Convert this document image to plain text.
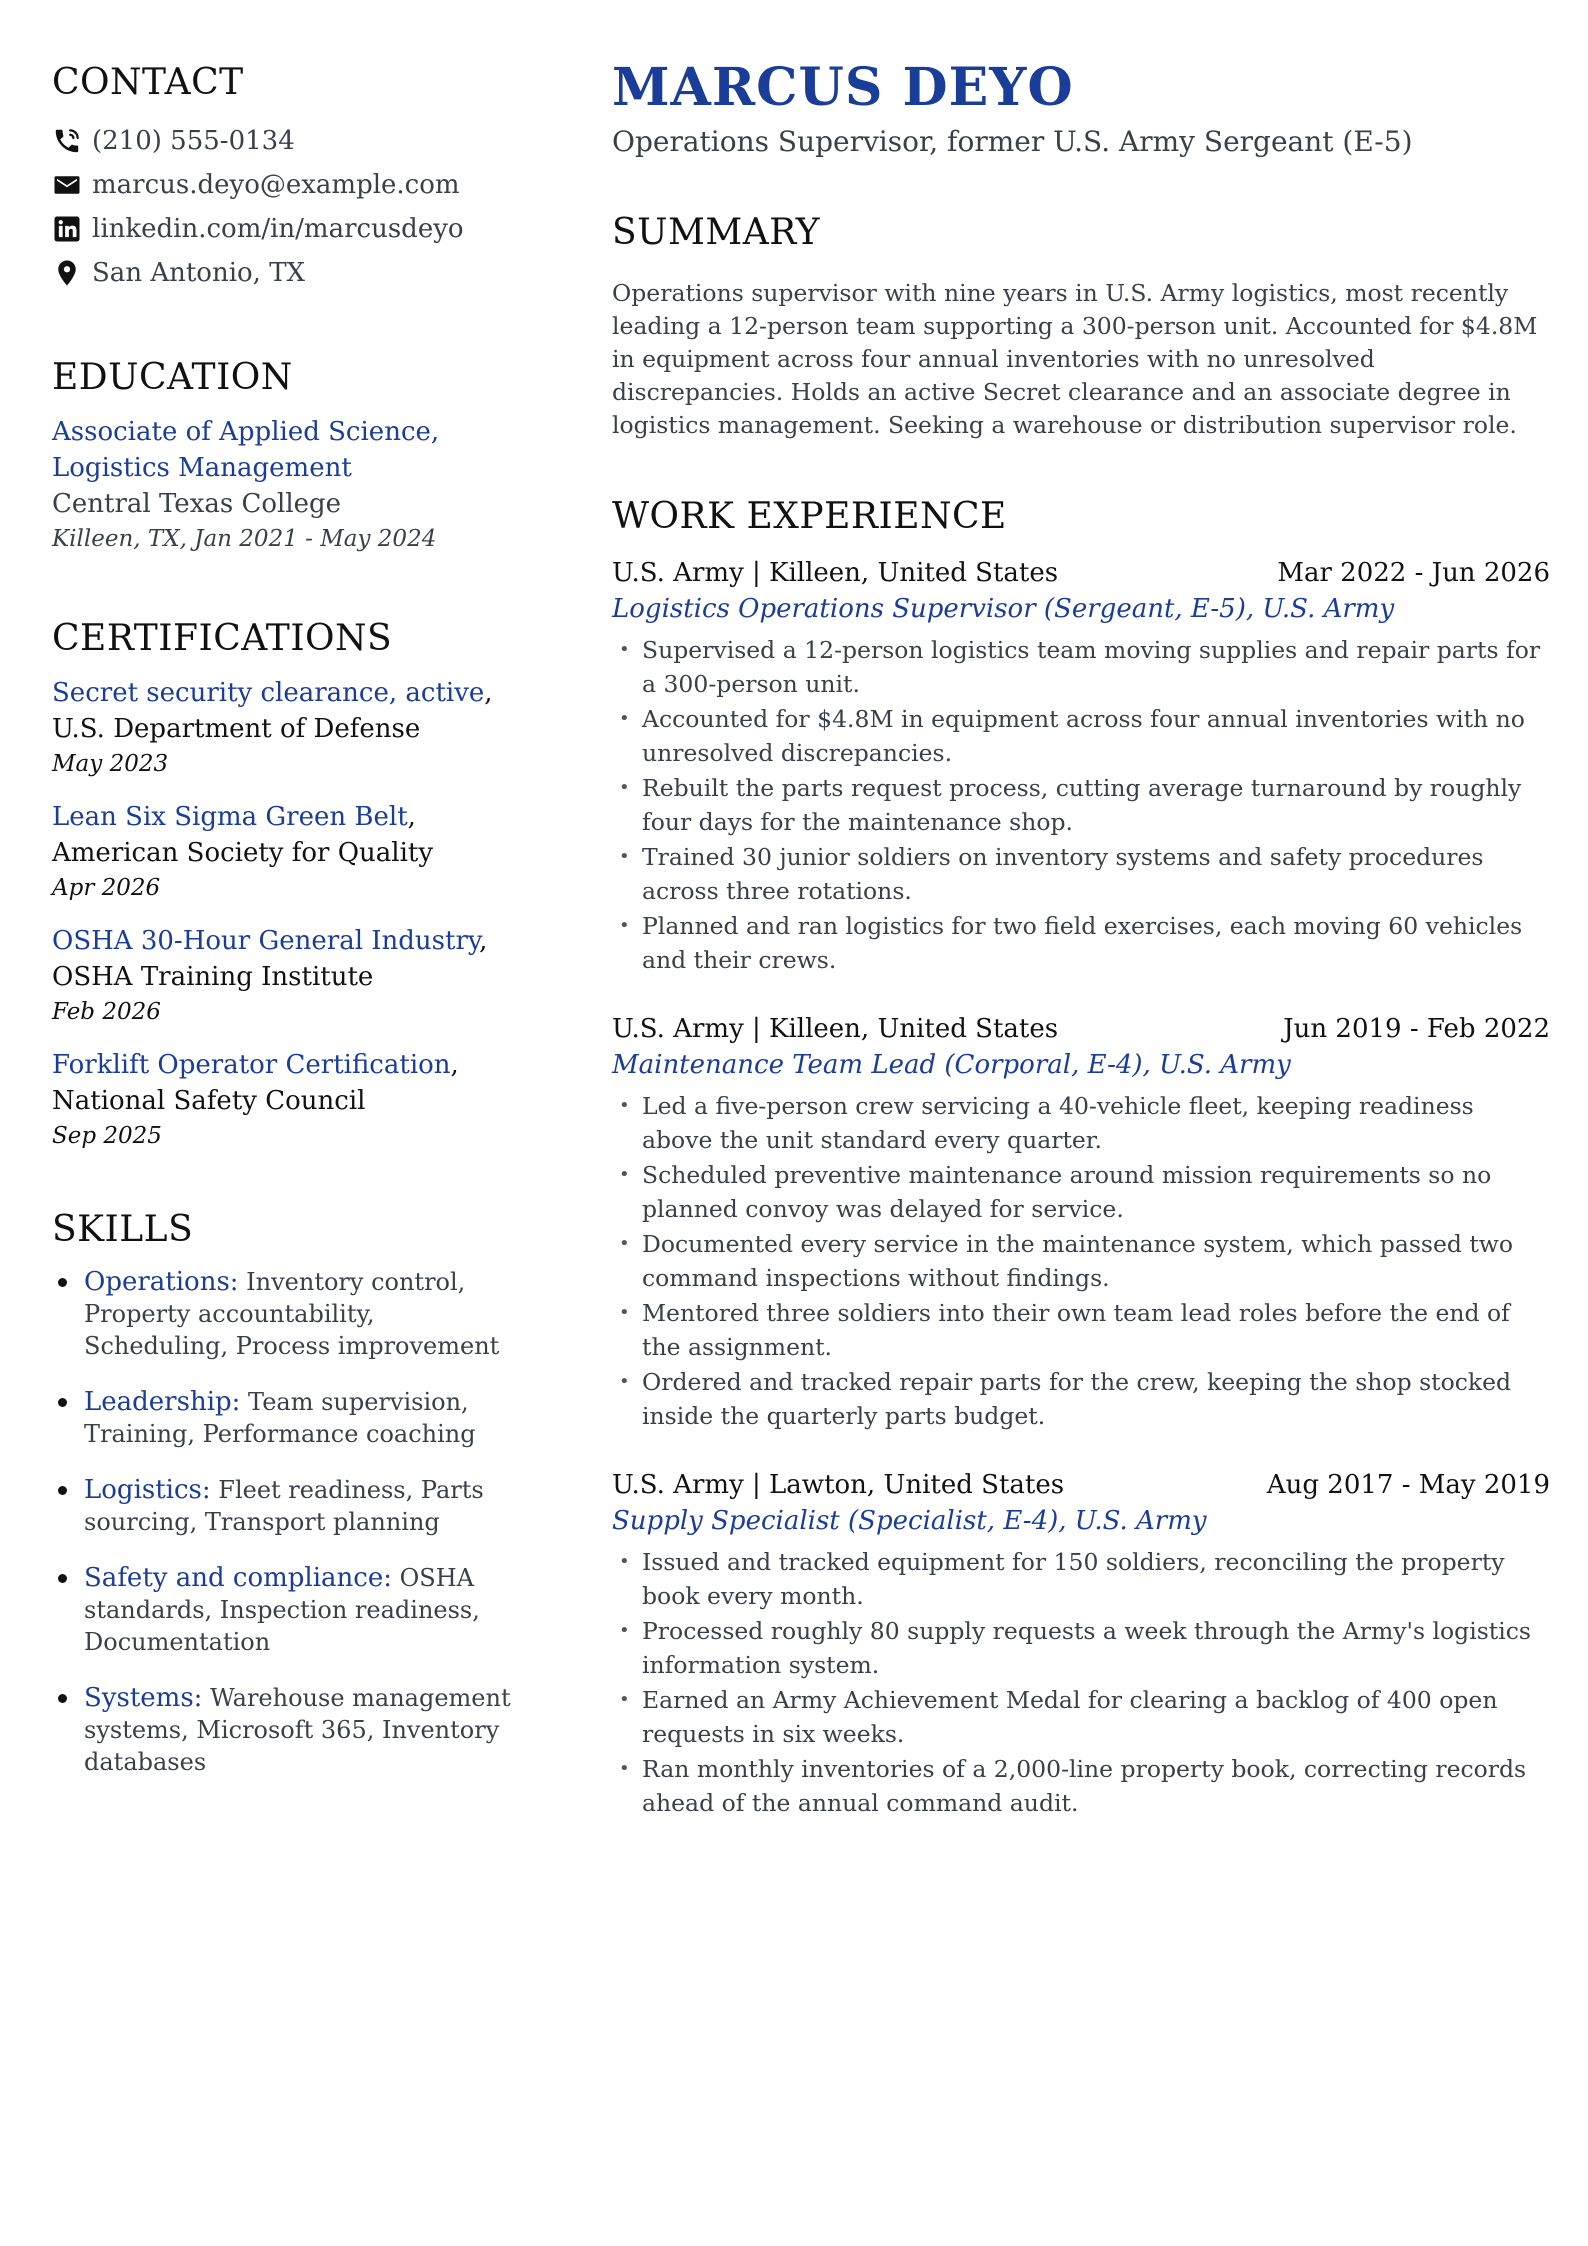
CONTACT
(210) 555-0134
marcus.deyo@example.com
linkedin.com/in/marcusdeyo
San Antonio, TX
EDUCATION
Associate of Applied Science, Logistics Management
Central Texas College
Killeen, TX, Jan 2021 - May 2024
CERTIFICATIONS
Secret security clearance, active, U.S. Department of Defense
May 2023
Lean Six Sigma Green Belt, American Society for Quality
Apr 2026
OSHA 30-Hour General Industry, OSHA Training Institute
Feb 2026
Forklift Operator Certification, National Safety Council
Sep 2025
SKILLS
Operations: Inventory control, Property accountability, Scheduling, Process improvement
Leadership: Team supervision, Training, Performance coaching
Logistics: Fleet readiness, Parts sourcing, Transport planning
Safety and compliance: OSHA standards, Inspection readiness, Documentation
Systems: Warehouse management systems, Microsoft 365, Inventory databases
MARCUS DEYO
Operations Supervisor, former U.S. Army Sergeant (E-5)
SUMMARY

Operations supervisor with nine years in U.S. Army logistics, most recently leading a 12-person team supporting a 300-person unit. Accounted for $4.8M in equipment across four annual inventories with no unresolved discrepancies. Holds an active Secret clearance and an associate degree in logistics management. Seeking a warehouse or distribution supervisor role.

WORK EXPERIENCE
U.S. Army | Killeen, United States	Mar 2022 - Jun 2026
Logistics Operations Supervisor (Sergeant, E-5), U.S. Army
• Supervised a 12-person logistics team moving supplies and repair parts for a 300-person unit.
• Accounted for $4.8M in equipment across four annual inventories with no unresolved discrepancies.
• Rebuilt the parts request process, cutting average turnaround by roughly four days for the maintenance shop.
• Trained 30 junior soldiers on inventory systems and safety procedures across three rotations.
• Planned and ran logistics for two field exercises, each moving 60 vehicles and their crews.
U.S. Army | Killeen, United States	Jun 2019 - Feb 2022
Maintenance Team Lead (Corporal, E-4), U.S. Army
• Led a five-person crew servicing a 40-vehicle fleet, keeping readiness above the unit standard every quarter.
• Scheduled preventive maintenance around mission requirements so no planned convoy was delayed for service.
• Documented every service in the maintenance system, which passed two command inspections without findings.
• Mentored three soldiers into their own team lead roles before the end of the assignment.
• Ordered and tracked repair parts for the crew, keeping the shop stocked inside the quarterly parts budget.
U.S. Army | Lawton, United States	Aug 2017 - May 2019
Supply Specialist (Specialist, E-4), U.S. Army
• Issued and tracked equipment for 150 soldiers, reconciling the property book every month.
• Processed roughly 80 supply requests a week through the Army's logistics information system.
• Earned an Army Achievement Medal for clearing a backlog of 400 open requests in six weeks.
• Ran monthly inventories of a 2,000-line property book, correcting records ahead of the annual command audit.
